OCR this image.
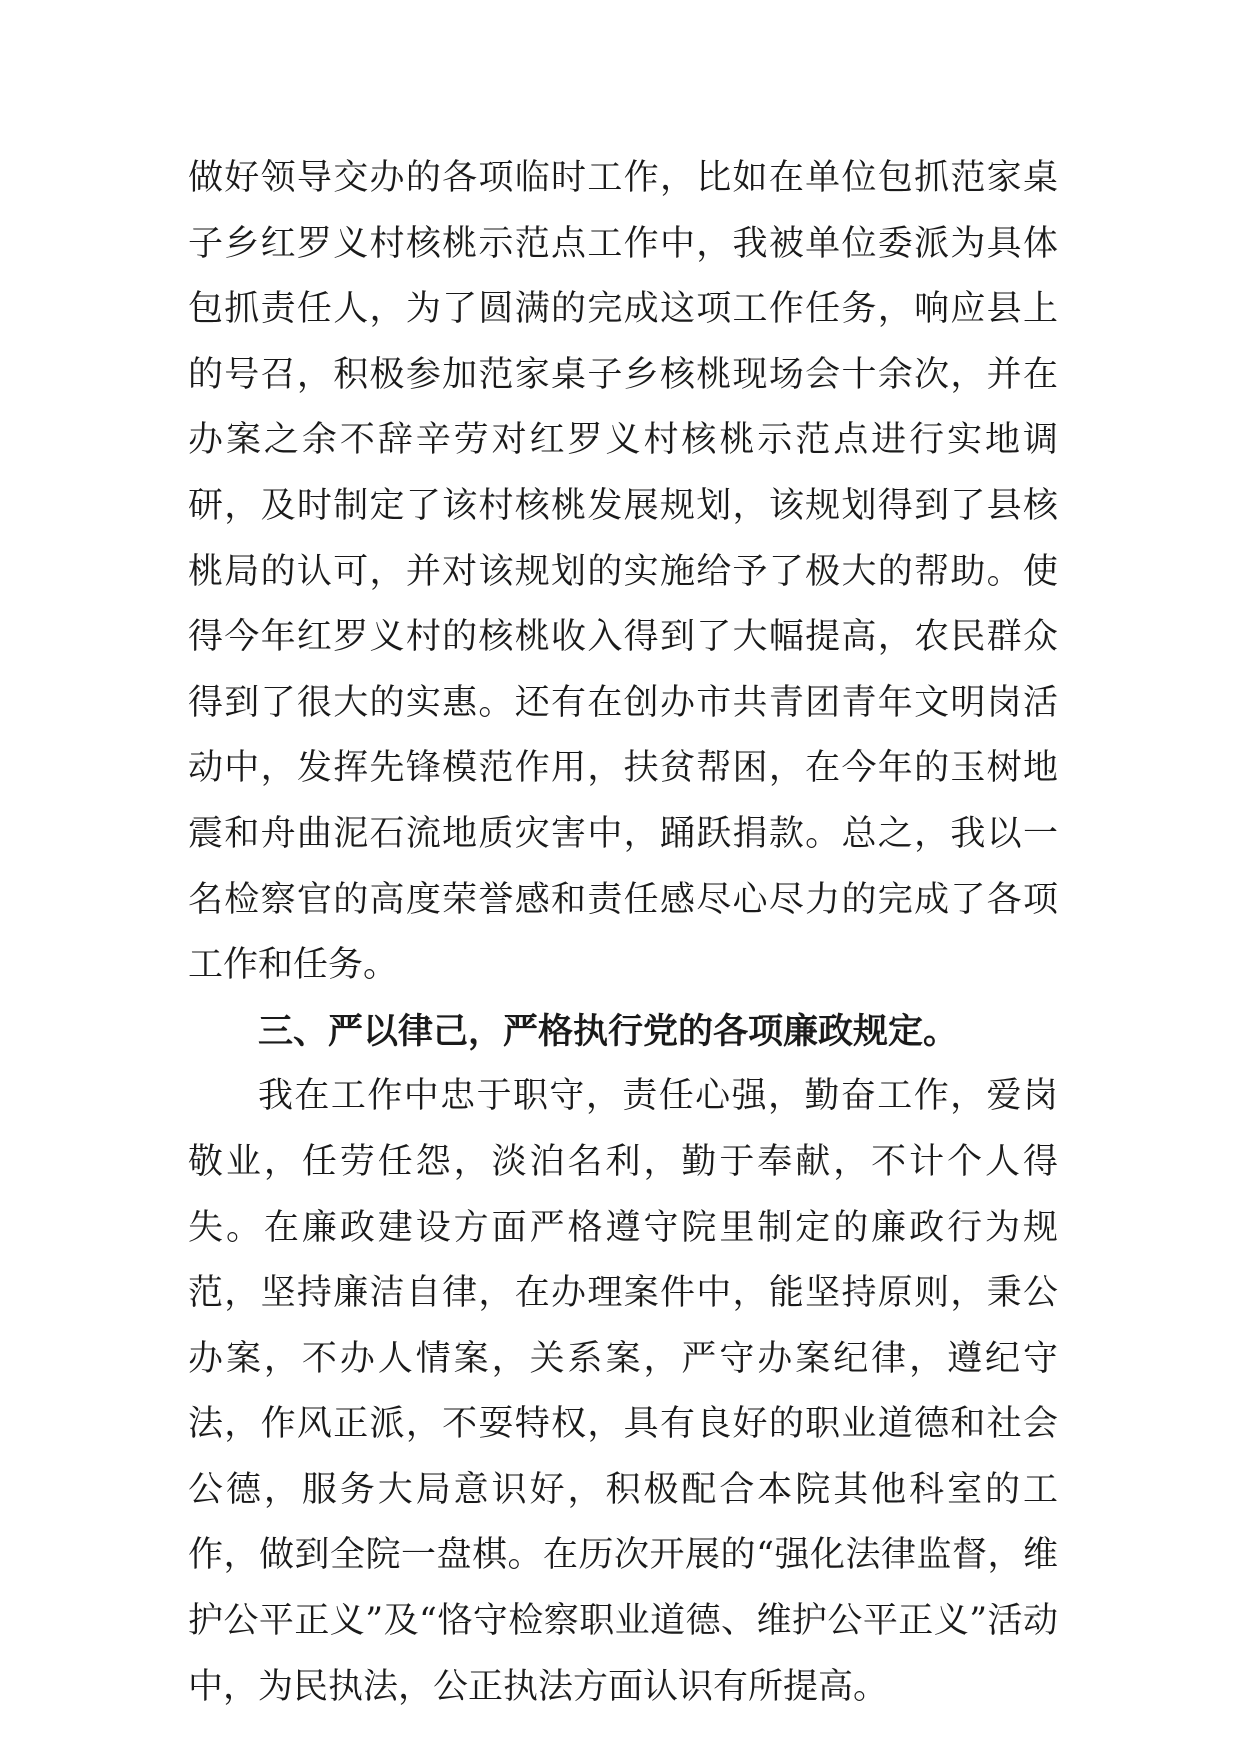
做好领导交办的各项临时工作，比如在单位包抓范家桌子乡红罗义村核桃示范点工作中，我被单位委派为具体包抓责任人，为了圆满的完成这项工作任务，响应县上的号召，积极参加范家桌子乡核桃现场会十余次，并在办案之余不辞辛劳对红罗义村核桃示范点进行实地调研，及时制定了该村核桃发展规划，该规划得到了县核桃局的认可，并对该规划的实施给予了极大的帮助。使得今年红罗义村的核桃收入得到了大幅提高，农民群众得到了很大的实惠。还有在创办市共青团青年文明岗活动中，发挥先锋模范作用，扶贫帮困，在今年的玉树地震和舟曲泥石流地质灾害中，踊跃捐款。总之，我以一名检察官的高度荣誉感和责任感尽心尽力的完成了各项工作和任务。

三、严以律己，严格执行党的各项廉政规定。

我在工作中忠于职守，责任心强，勤奋工作，爱岗敬业，任劳任怨，淡泊名利，勤于奉献，不计个人得失。在廉政建设方面严格遵守院里制定的廉政行为规范，坚持廉洁自律，在办理案件中，能坚持原则，秉公办案，不办人情案，关系案，严守办案纪律，遵纪守法，作风正派，不耍特权，具有良好的职业道德和社会公德，服务大局意识好，积极配合本院其他科室的工作，做到全院一盘棋。在历次开展的“强化法律监督，维护公平正义”及“恪守检察职业道德、维护公平正义”活动中，为民执法，公正执法方面认识有所提高。
